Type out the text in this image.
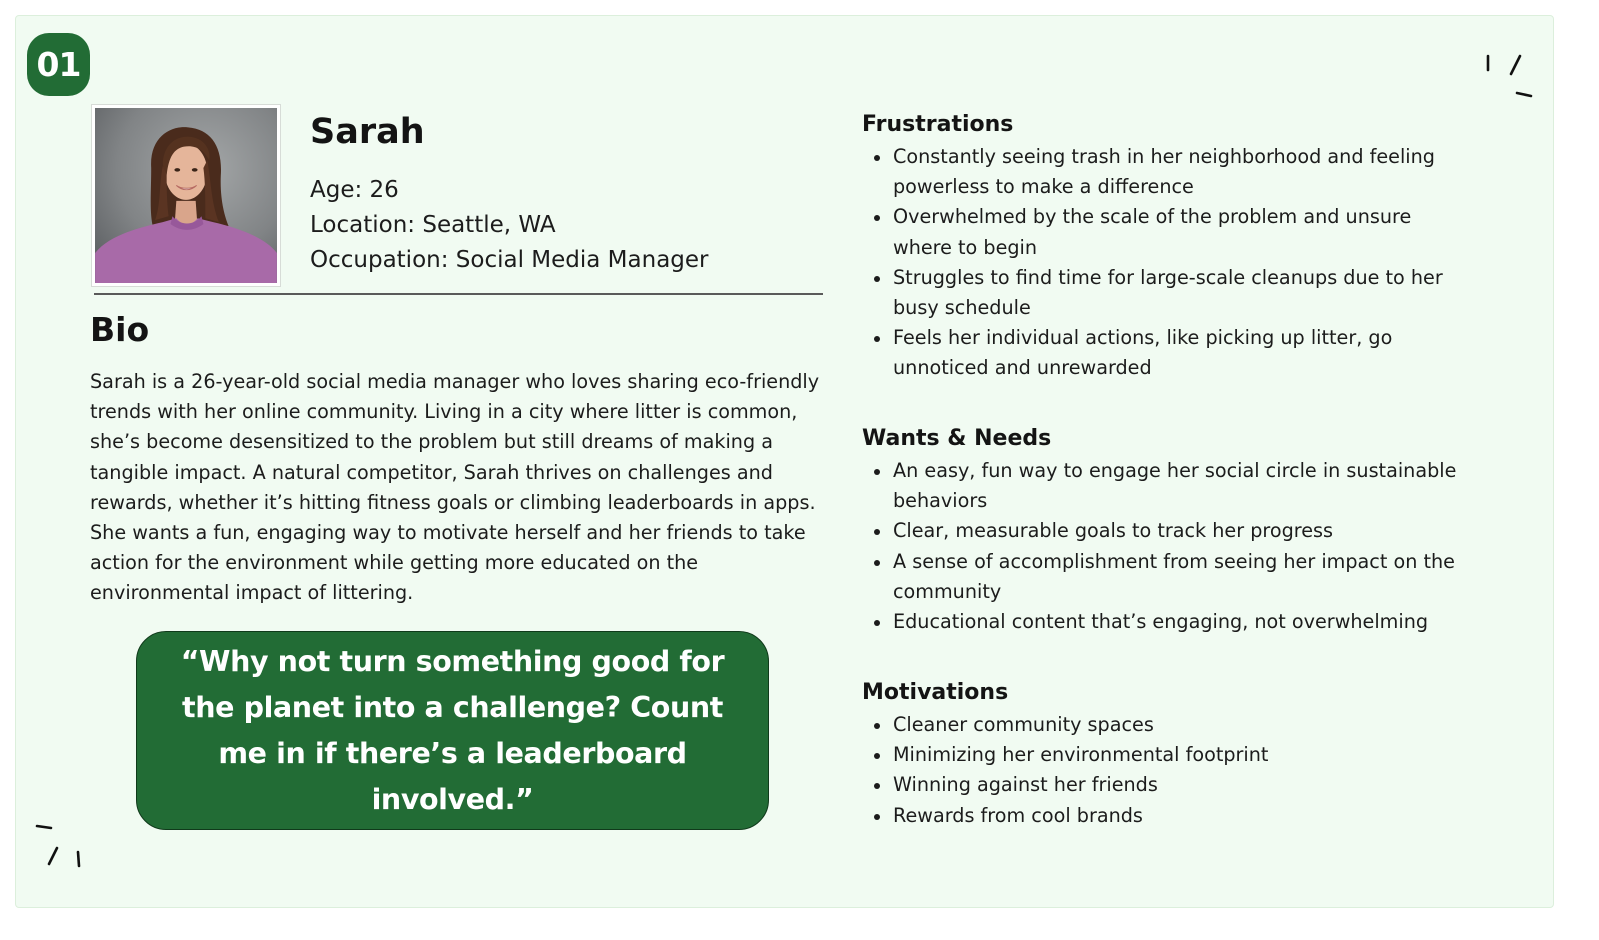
01
Sarah
Age: 26
Location: Seattle, WA
Occupation: Social Media Manager
Bio

Sarah is a 26-year-old social media manager who loves sharing eco-friendly trends with her online community. Living in a city where litter is common, she’s become desensitized to the problem but still dreams of making a tangible impact. A natural competitor, Sarah thrives on challenges and rewards, whether it’s hitting fitness goals or climbing leaderboards in apps. She wants a fun, engaging way to motivate herself and her friends to take action for the environment while getting more educated on the environmental impact of littering.

“Why not turn something good for the planet into a challenge? Count me in if there’s a leaderboard involved.”
Frustrations
Constantly seeing trash in her neighborhood and feeling powerless to make a difference
Overwhelmed by the scale of the problem and unsure where to begin
Struggles to find time for large-scale cleanups due to her busy schedule
Feels her individual actions, like picking up litter, go unnoticed and unrewarded
Wants & Needs
An easy, fun way to engage her social circle in sustainable behaviors
Clear, measurable goals to track her progress
A sense of accomplishment from seeing her impact on the community
Educational content that’s engaging, not overwhelming
Motivations
Cleaner community spaces
Minimizing her environmental footprint
Winning against her friends
Rewards from cool brands
